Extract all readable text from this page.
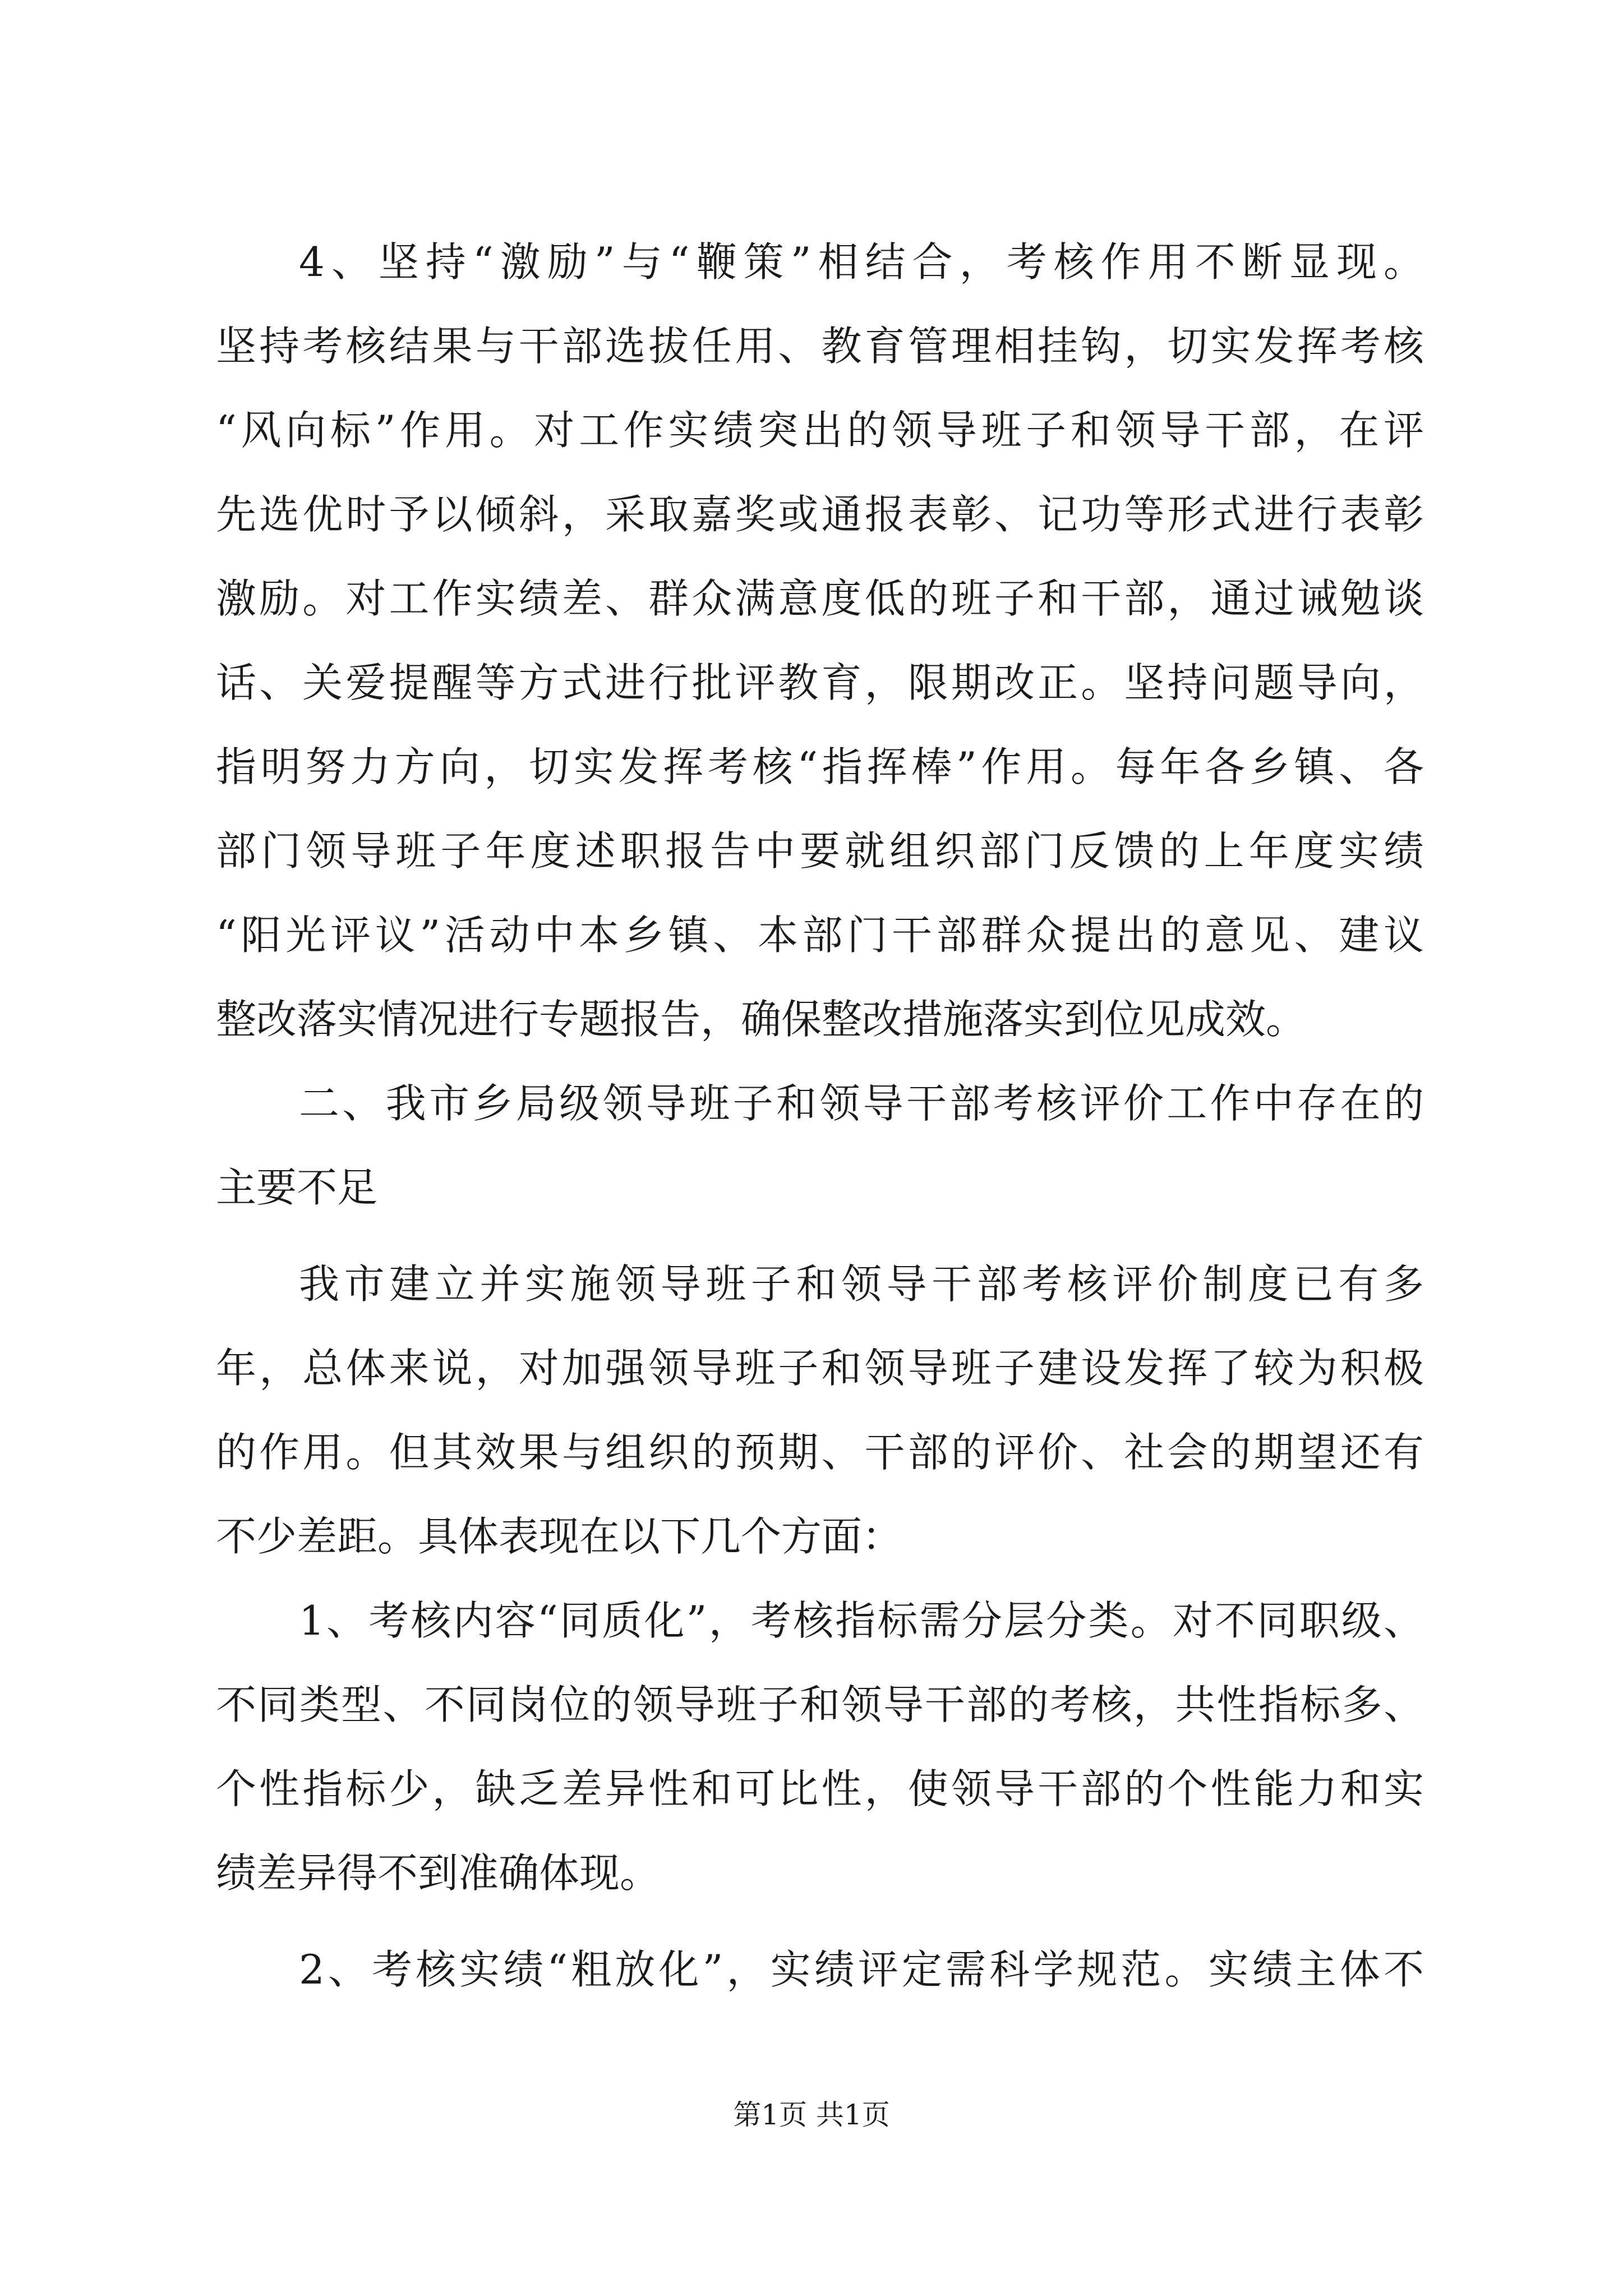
4、坚持“激励”与“鞭策”相结合，考核作用不断显现。
坚持考核结果与干部选拔任用、教育管理相挂钩，切实发挥考核
“风向标”作用。对工作实绩突出的领导班子和领导干部，在评
先选优时予以倾斜，采取嘉奖或通报表彰、记功等形式进行表彰
激励。对工作实绩差、群众满意度低的班子和干部，通过诫勉谈
话、关爱提醒等方式进行批评教育，限期改正。坚持问题导向，
指明努力方向，切实发挥考核“指挥棒”作用。每年各乡镇、各
部门领导班子年度述职报告中要就组织部门反馈的上年度实绩
“阳光评议”活动中本乡镇、本部门干部群众提出的意见、建议
整改落实情况进行专题报告，确保整改措施落实到位见成效。
二、我市乡局级领导班子和领导干部考核评价工作中存在的
主要不足
我市建立并实施领导班子和领导干部考核评价制度已有多
年，总体来说，对加强领导班子和领导班子建设发挥了较为积极
的作用。但其效果与组织的预期、干部的评价、社会的期望还有
不少差距。具体表现在以下几个方面：
1、考核内容“同质化”，考核指标需分层分类。对不同职级、
不同类型、不同岗位的领导班子和领导干部的考核，共性指标多、
个性指标少，缺乏差异性和可比性，使领导干部的个性能力和实
绩差异得不到准确体现。
2、考核实绩“粗放化”，实绩评定需科学规范。实绩主体不
第1页 共1页
